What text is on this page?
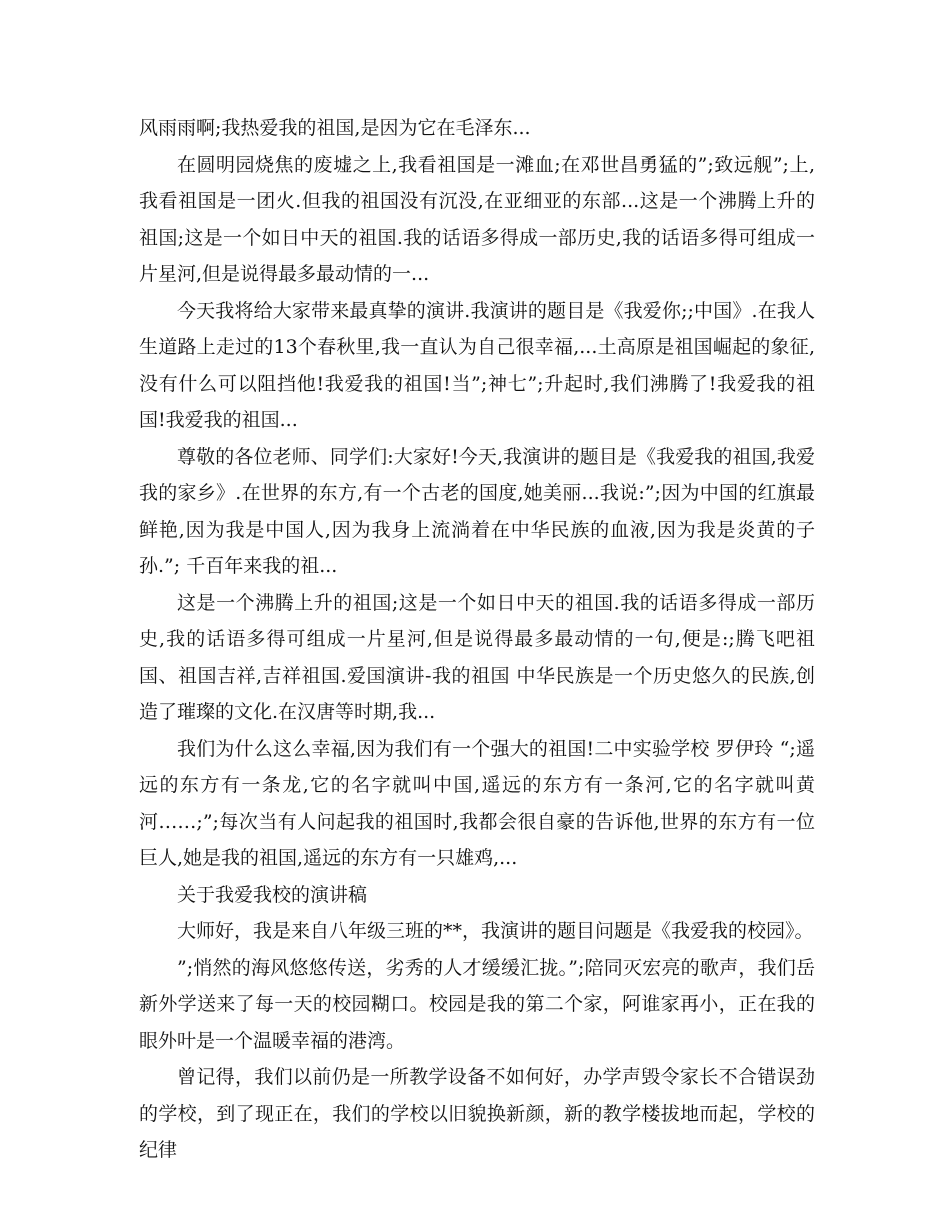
风雨雨啊;我热爱我的祖国,是因为它在毛泽东...

在圆明园烧焦的废墟之上,我看祖国是一滩血;在邓世昌勇猛的”;致远舰”;上,我看祖国是一团火.但我的祖国没有沉没,在亚细亚的东部...这是一个沸腾上升的祖国;这是一个如日中天的祖国.我的话语多得成一部历史,我的话语多得可组成一片星河,但是说得最多最动情的一...

今天我将给大家带来最真挚的演讲.我演讲的题目是《我爱你;;中国》.在我人生道路上走过的13个春秋里,我一直认为自己很幸福,...土高原是祖国崛起的象征,没有什么可以阻挡他!我爱我的祖国!当”;神七”;升起时,我们沸腾了!我爱我的祖国!我爱我的祖国...

尊敬的各位老师、同学们:大家好!今天,我演讲的题目是《我爱我的祖国,我爱我的家乡》.在世界的东方,有一个古老的国度,她美丽...我说:”;因为中国的红旗最鲜艳,因为我是中国人,因为我身上流淌着在中华民族的血液,因为我是炎黄的子孙.”; 千百年来我的祖...

这是一个沸腾上升的祖国;这是一个如日中天的祖国.我的话语多得成一部历史,我的话语多得可组成一片星河,但是说得最多最动情的一句,便是:;腾飞吧祖国、祖国吉祥,吉祥祖国.爱国演讲-我的祖国 中华民族是一个历史悠久的民族,创造了璀璨的文化.在汉唐等时期,我...

我们为什么这么幸福,因为我们有一个强大的祖国!二中实验学校 罗伊玲 “;遥远的东方有一条龙,它的名字就叫中国,遥远的东方有一条河,它的名字就叫黄河……;”;每次当有人问起我的祖国时,我都会很自豪的告诉他,世界的东方有一位巨人,她是我的祖国,遥远的东方有一只雄鸡,...

关于我爱我校的演讲稿

大师好，我是来自八年级三班的**，我演讲的题目问题是《我爱我的校园》。

”;悄然的海风悠悠传送，劣秀的人才缓缓汇拢。”;陪同灭宏亮的歌声，我们岳新外学送来了每一天的校园糊口。校园是我的第二个家，阿谁家再小，正在我的眼外叶是一个温暖幸福的港湾。

曾记得，我们以前仍是一所教学设备不如何好，办学声毁令家长不合错误劲的学校，到了现正在，我们的学校以旧貌换新颜，新的教学楼拔地而起，学校的纪律
